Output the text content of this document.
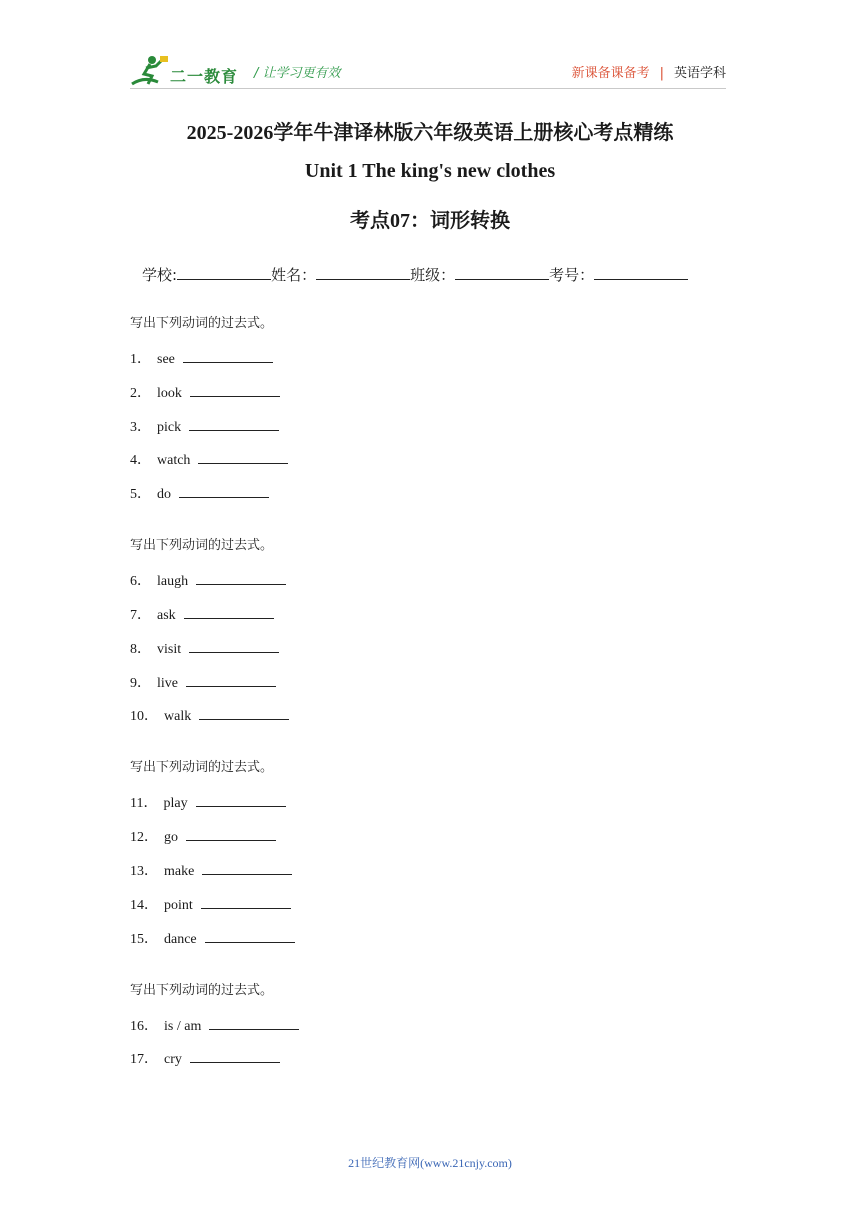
二一教育 / 让学习更有效	新课备课备考 | 英语学科
2025-2026学年牛津译林版六年级英语上册核心考点精练
Unit 1 The king's new clothes
考点07：词形转换
学校:	姓名：	班级：	考号：
写出下列动词的过去式。
1． see
2． look
3． pick
4． watch
5． do
写出下列动词的过去式。
6． laugh
7． ask
8． visit
9． live
10． walk
写出下列动词的过去式。
11． play
12． go
13． make
14． point
15． dance
写出下列动词的过去式。
16． is / am
17． cry
21世纪教育网(www.21cnjy.com)
